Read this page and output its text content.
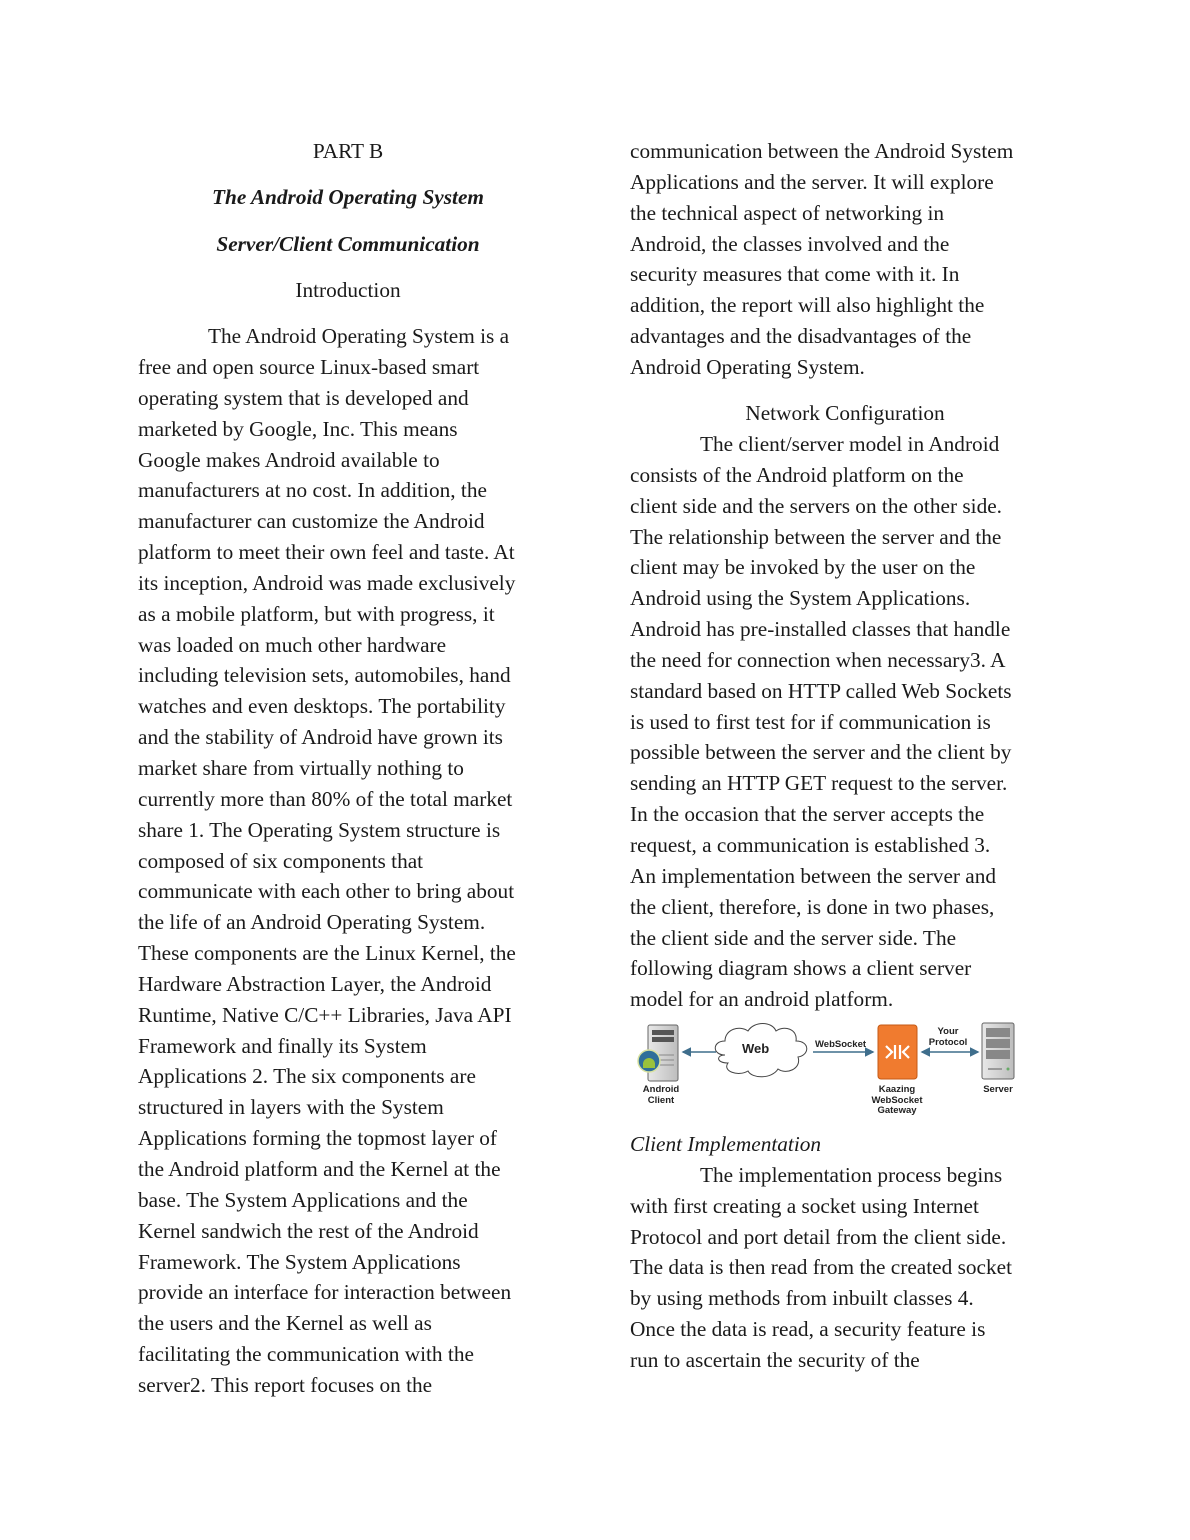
PART B
The Android Operating System
Server/Client Communication
Introduction
The Android Operating System is a
free and open source Linux-based smart
operating system that is developed and
marketed by Google, Inc. This means
Google makes Android available to
manufacturers at no cost. In addition, the
manufacturer can customize the Android
platform to meet their own feel and taste. At
its inception, Android was made exclusively
as a mobile platform, but with progress, it
was loaded on much other hardware
including television sets, automobiles, hand
watches and even desktops. The portability
and the stability of Android have grown its
market share from virtually nothing to
currently more than 80% of the total market
share 1. The Operating System structure is
composed of six components that
communicate with each other to bring about
the life of an Android Operating System.
These components are the Linux Kernel, the
Hardware Abstraction Layer, the Android
Runtime, Native C/C++ Libraries, Java API
Framework and finally its System
Applications 2. The six components are
structured in layers with the System
Applications forming the topmost layer of
the Android platform and the Kernel at the
base. The System Applications and the
Kernel sandwich the rest of the Android
Framework. The System Applications
provide an interface for interaction between
the users and the Kernel as well as
facilitating the communication with the
server2. This report focuses on the
communication between the Android System
Applications and the server. It will explore
the technical aspect of networking in
Android, the classes involved and the
security measures that come with it. In
addition, the report will also highlight the
advantages and the disadvantages of the
Android Operating System.
Network Configuration
The client/server model in Android
consists of the Android platform on the
client side and the servers on the other side.
The relationship between the server and the
client may be invoked by the user on the
Android using the System Applications.
Android has pre-installed classes that handle
the need for connection when necessary3. A
standard based on HTTP called Web Sockets
is used to first test for if communication is
possible between the server and the client by
sending an HTTP GET request to the server.
In the occasion that the server accepts the
request, a communication is established 3.
An implementation between the server and
the client, therefore, is done in two phases,
the client side and the server side. The
following diagram shows a client server
model for an android platform.
Web	WebSocket
Your
Protocol
Android
Client
Kaazing
WebSocket
Gateway
Server
Client Implementation
The implementation process begins
with first creating a socket using Internet
Protocol and port detail from the client side.
The data is then read from the created socket
by using methods from inbuilt classes 4.
Once the data is read, a security feature is
run to ascertain the security of the
